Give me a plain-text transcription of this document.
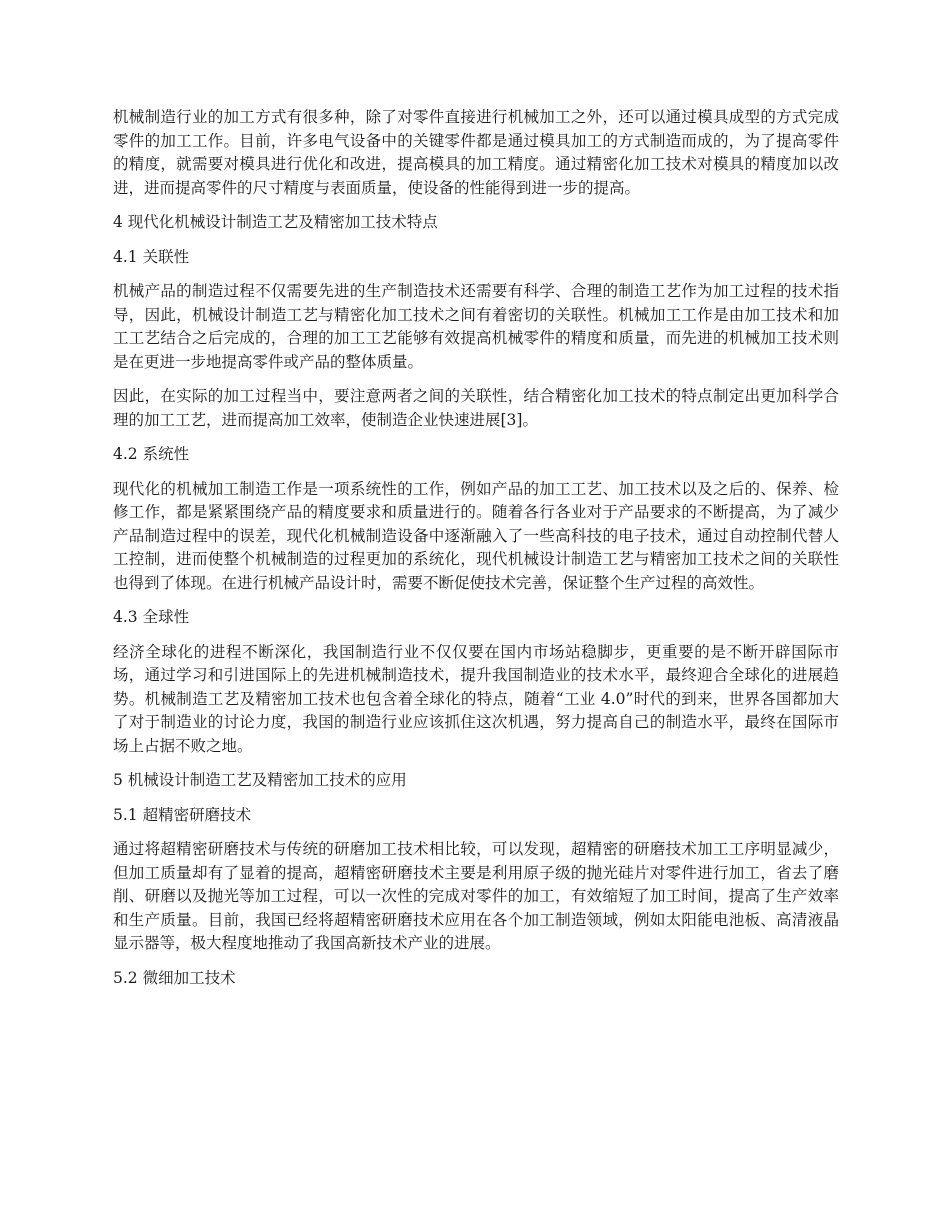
机械制造行业的加工方式有很多种，除了对零件直接进行机械加工之外，还可以通过模具成型的方式完成零件的加工工作。目前，许多电气设备中的关键零件都是通过模具加工的方式制造而成的，为了提高零件的精度，就需要对模具进行优化和改进，提高模具的加工精度。通过精密化加工技术对模具的精度加以改进，进而提高零件的尺寸精度与表面质量，使设备的性能得到进一步的提高。

4 现代化机械设计制造工艺及精密加工技术特点
4.1 关联性

机械产品的制造过程不仅需要先进的生产制造技术还需要有科学、合理的制造工艺作为加工过程的技术指导，因此，机械设计制造工艺与精密化加工技术之间有着密切的关联性。机械加工工作是由加工技术和加工工艺结合之后完成的，合理的加工工艺能够有效提高机械零件的精度和质量，而先进的机械加工技术则是在更进一步地提高零件或产品的整体质量。

因此，在实际的加工过程当中，要注意两者之间的关联性，结合精密化加工技术的特点制定出更加科学合理的加工工艺，进而提高加工效率，使制造企业快速进展[3]。

4.2 系统性

现代化的机械加工制造工作是一项系统性的工作，例如产品的加工工艺、加工技术以及之后的、保养、检修工作，都是紧紧围绕产品的精度要求和质量进行的。随着各行各业对于产品要求的不断提高，为了减少产品制造过程中的误差，现代化机械制造设备中逐渐融入了一些高科技的电子技术，通过自动控制代替人工控制，进而使整个机械制造的过程更加的系统化，现代机械设计制造工艺与精密加工技术之间的关联性也得到了体现。在进行机械产品设计时，需要不断促使技术完善，保证整个生产过程的高效性。

4.3 全球性

经济全球化的进程不断深化，我国制造行业不仅仅要在国内市场站稳脚步，更重要的是不断开辟国际市场，通过学习和引进国际上的先进机械制造技术，提升我国制造业的技术水平，最终迎合全球化的进展趋势。机械制造工艺及精密加工技术也包含着全球化的特点，随着“工业 4.0”时代的到来，世界各国都加大了对于制造业的讨论力度，我国的制造行业应该抓住这次机遇，努力提高自己的制造水平，最终在国际市场上占据不败之地。

5 机械设计制造工艺及精密加工技术的应用
5.1 超精密研磨技术

通过将超精密研磨技术与传统的研磨加工技术相比较，可以发现，超精密的研磨技术加工工序明显减少，但加工质量却有了显着的提高，超精密研磨技术主要是利用原子级的抛光硅片对零件进行加工，省去了磨削、研磨以及抛光等加工过程，可以一次性的完成对零件的加工，有效缩短了加工时间，提高了生产效率和生产质量。目前，我国已经将超精密研磨技术应用在各个加工制造领域，例如太阳能电池板、高清液晶显示器等，极大程度地推动了我国高新技术产业的进展。

5.2 微细加工技术
